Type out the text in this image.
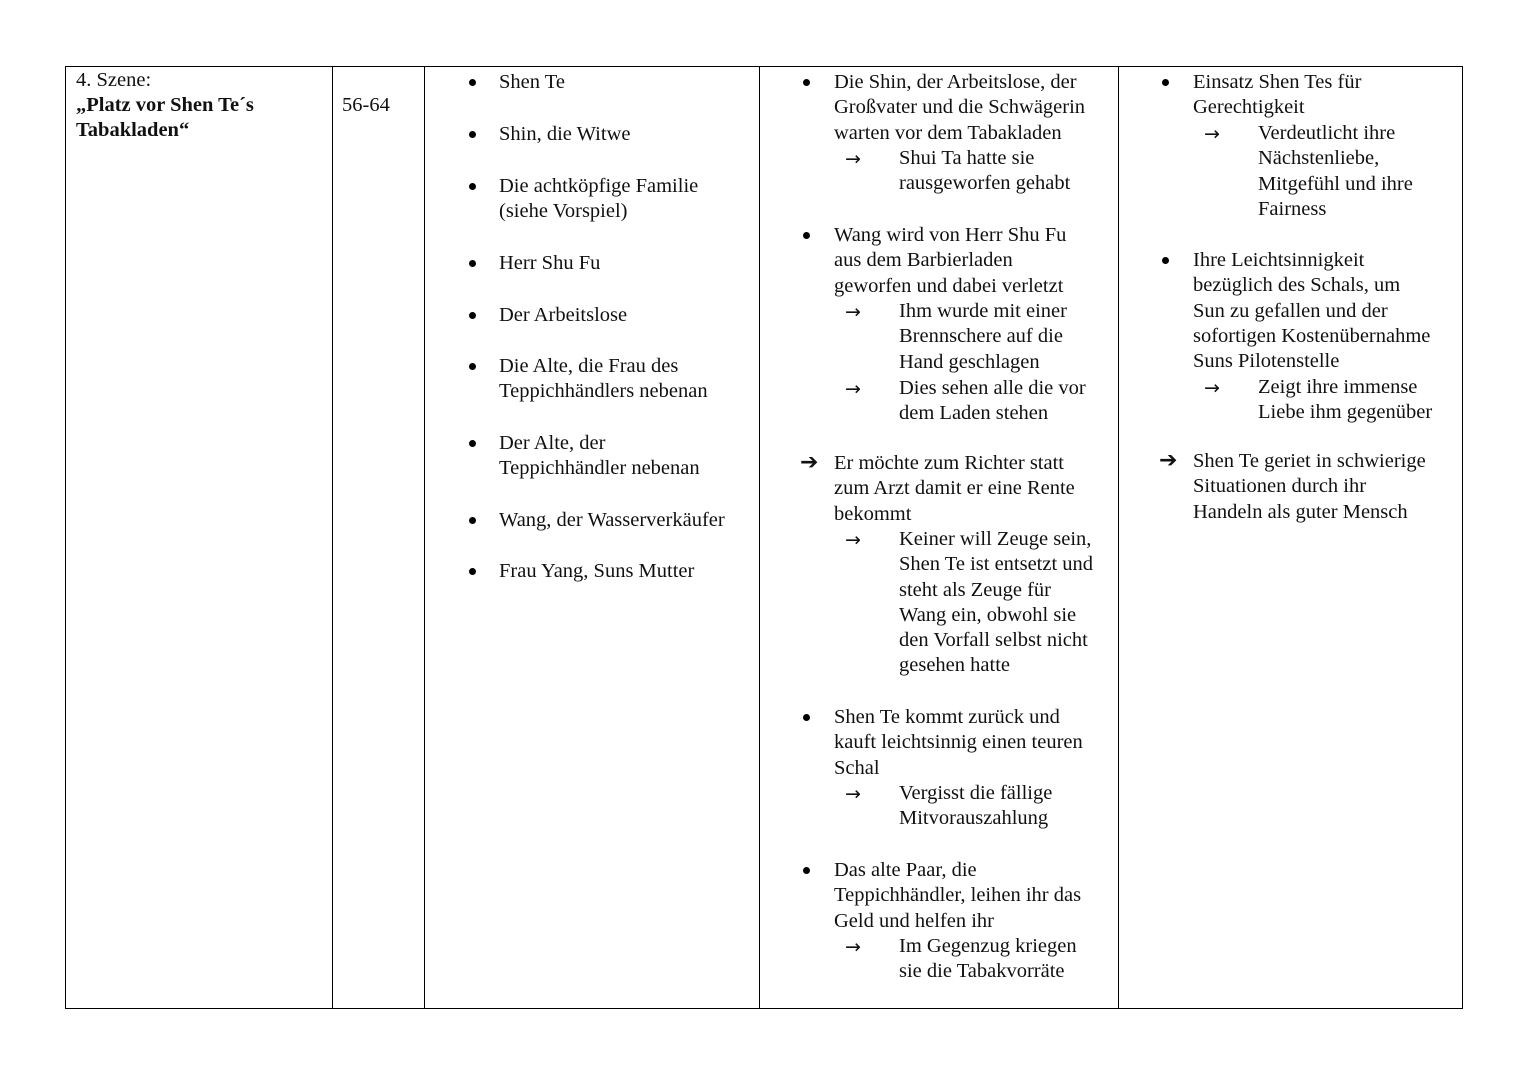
4. Szene:
„Platz vor Shen Te´s
Tabakladen“

56-64

Shen Te
Shin, die Witwe
Die achtköpfige Familie
(siehe Vorspiel)
Herr Shu Fu
Der Arbeitslose
Die Alte, die Frau des
Teppichhändlers nebenan
Der Alte, der
Teppichhändler nebenan
Wang, der Wasserverkäufer
Frau Yang, Suns Mutter

Die Shin, der Arbeitslose, der
Großvater und die Schwägerin
warten vor dem Tabakladen
→ Shui Ta hatte sie
rausgeworfen gehabt
Wang wird von Herr Shu Fu
aus dem Barbierladen
geworfen und dabei verletzt
→ Ihm wurde mit einer
Brennschere auf die
Hand geschlagen
→ Dies sehen alle die vor
dem Laden stehen
➔ Er möchte zum Richter statt
zum Arzt damit er eine Rente
bekommt
→ Keiner will Zeuge sein,
Shen Te ist entsetzt und
steht als Zeuge für
Wang ein, obwohl sie
den Vorfall selbst nicht
gesehen hatte
Shen Te kommt zurück und
kauft leichtsinnig einen teuren
Schal
→ Vergisst die fällige
Mitvorauszahlung
Das alte Paar, die
Teppichhändler, leihen ihr das
Geld und helfen ihr
→ Im Gegenzug kriegen
sie die Tabakvorräte

Einsatz Shen Tes für
Gerechtigkeit
→ Verdeutlicht ihre
Nächstenliebe,
Mitgefühl und ihre
Fairness
Ihre Leichtsinnigkeit
bezüglich des Schals, um
Sun zu gefallen und der
sofortigen Kostenübernahme
Suns Pilotenstelle
→ Zeigt ihre immense
Liebe ihm gegenüber
➔ Shen Te geriet in schwierige
Situationen durch ihr
Handeln als guter Mensch
